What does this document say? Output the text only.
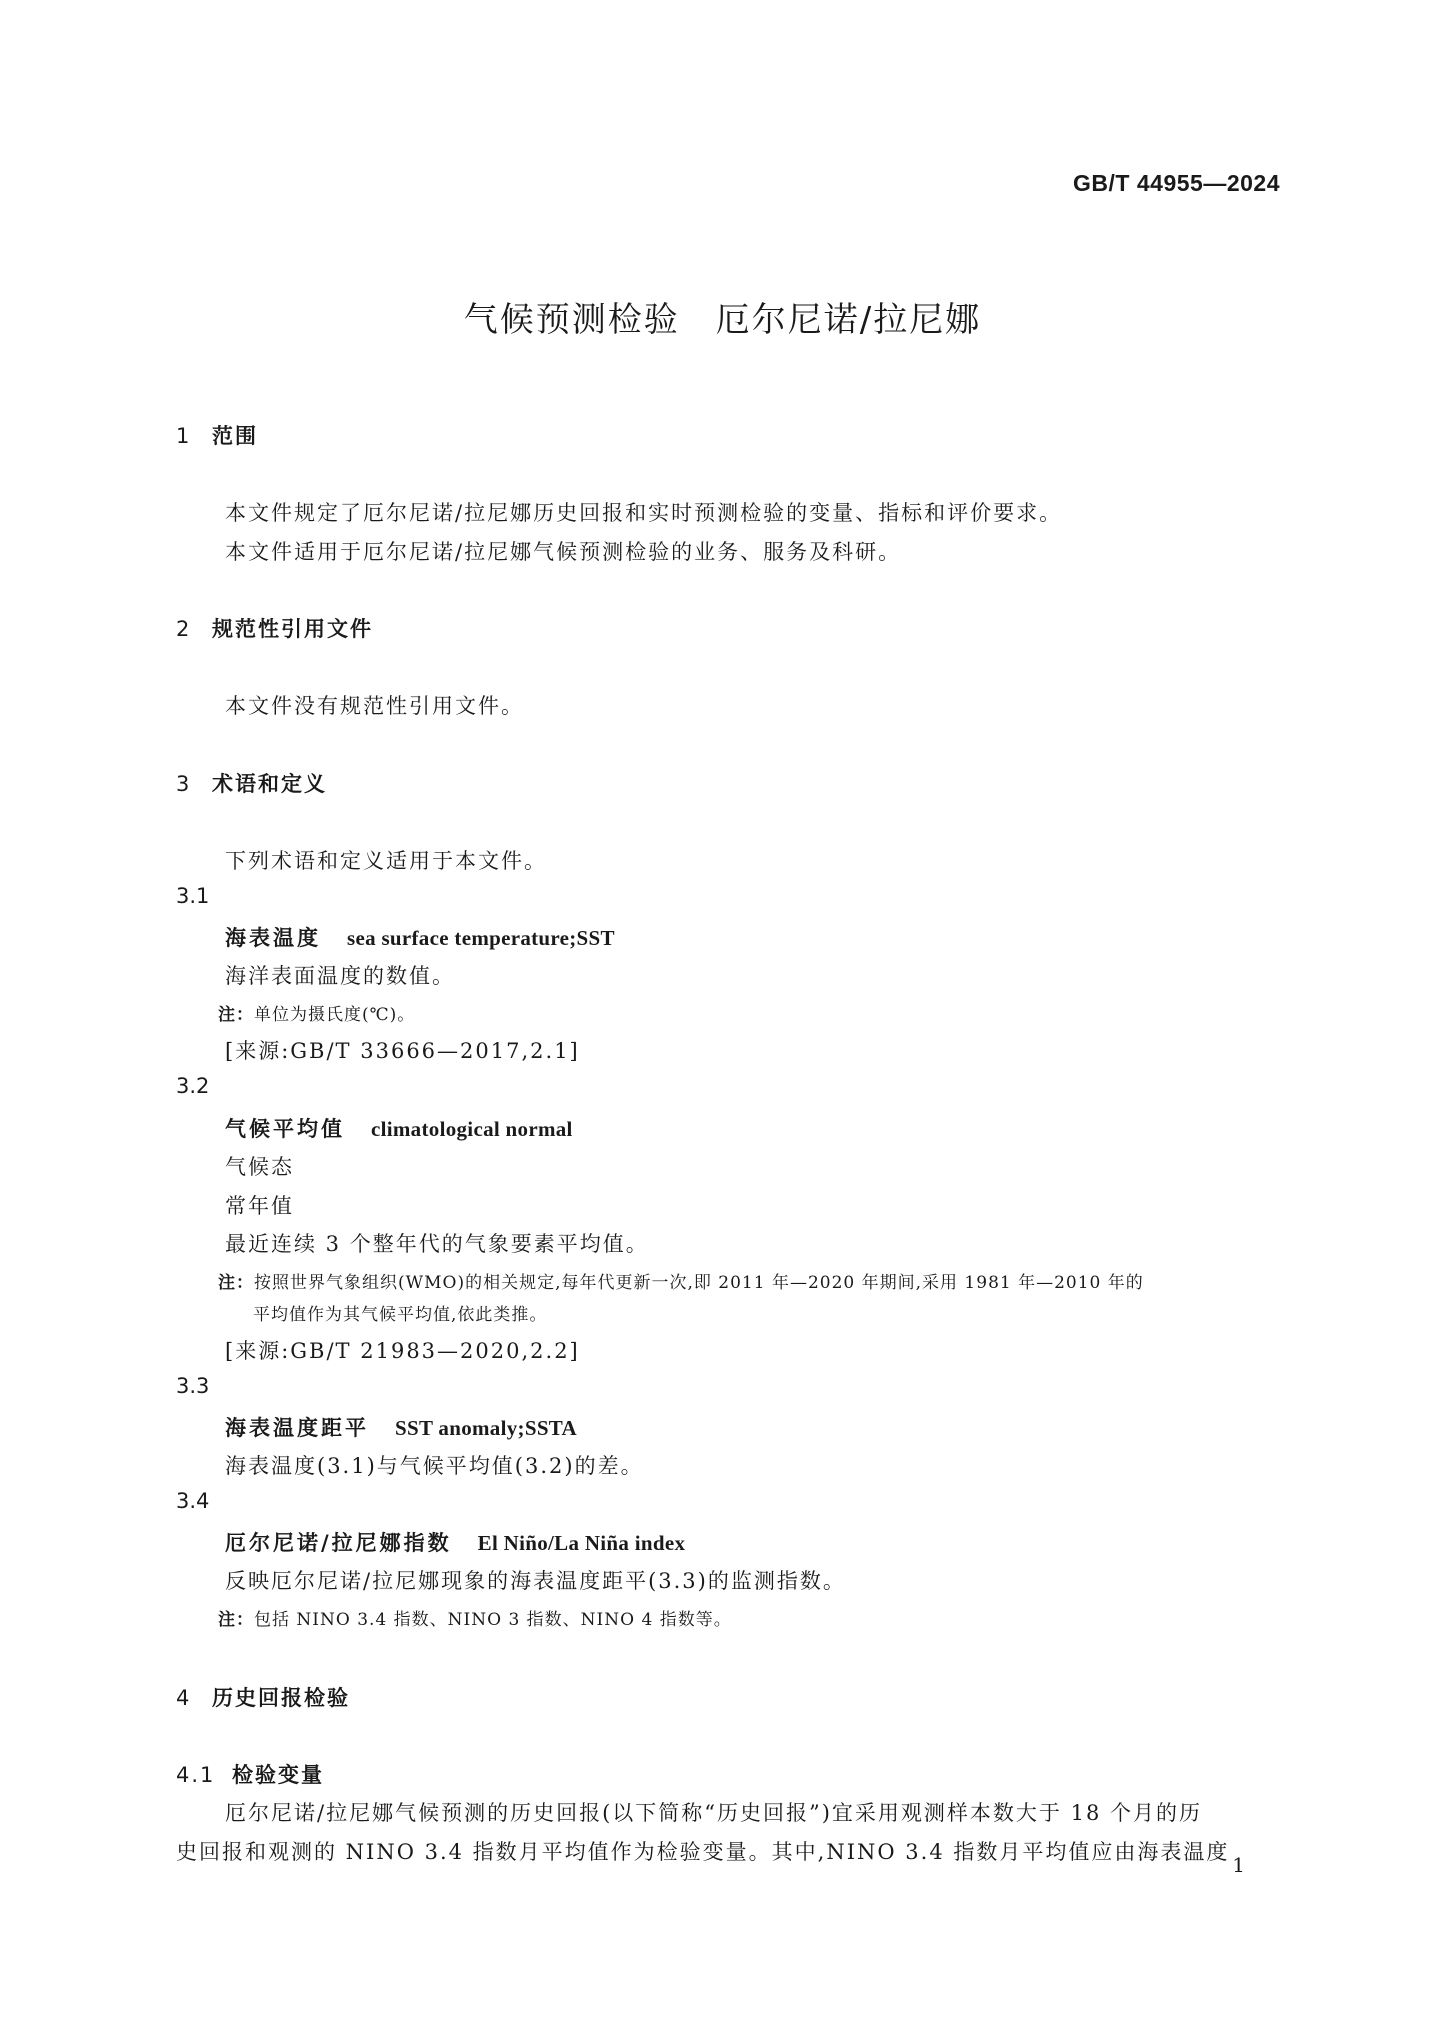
GB/T 44955—2024
气候预测检验　厄尔尼诺/拉尼娜
1 范围
本文件规定了厄尔尼诺/拉尼娜历史回报和实时预测检验的变量、指标和评价要求。
本文件适用于厄尔尼诺/拉尼娜气候预测检验的业务、服务及科研。
2 规范性引用文件
本文件没有规范性引用文件。
3 术语和定义
下列术语和定义适用于本文件。
3.1
海表温度 sea surface temperature;SST
海洋表面温度的数值。
注：单位为摄氏度(℃)。
[来源:GB/T 33666—2017,2.1]
3.2
气候平均值 climatological normal
气候态
常年值
最近连续 3 个整年代的气象要素平均值。
注：按照世界气象组织(WMO)的相关规定,每年代更新一次,即 2011 年—2020 年期间,采用 1981 年—2010 年的
平均值作为其气候平均值,依此类推。
[来源:GB/T 21983—2020,2.2]
3.3
海表温度距平 SST anomaly;SSTA
海表温度(3.1)与气候平均值(3.2)的差。
3.4
厄尔尼诺/拉尼娜指数 El Niño/La Niña index
反映厄尔尼诺/拉尼娜现象的海表温度距平(3.3)的监测指数。
注：包括 NINO 3.4 指数、NINO 3 指数、NINO 4 指数等。
4 历史回报检验
4.1 检验变量
厄尔尼诺/拉尼娜气候预测的历史回报(以下简称“历史回报”)宜采用观测样本数大于 18 个月的历
史回报和观测的 NINO 3.4 指数月平均值作为检验变量。其中,NINO 3.4 指数月平均值应由海表温度
1
